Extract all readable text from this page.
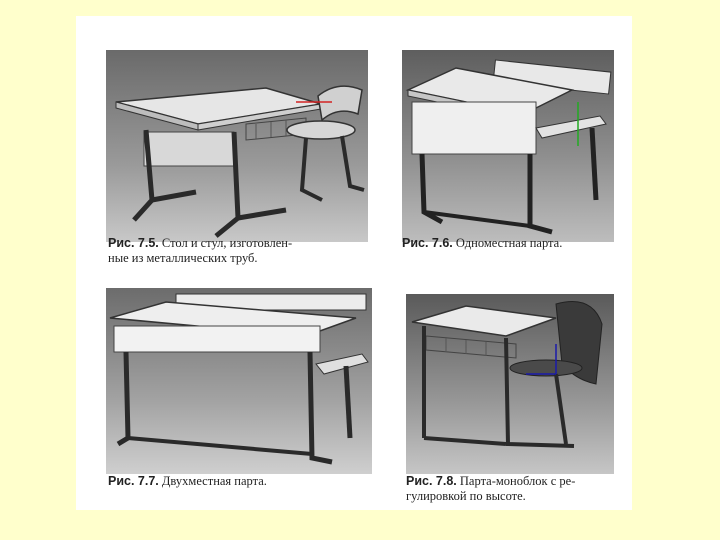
Рис. 7.5. Стол и стул, изготовлен-
ные из металлических труб.
Рис. 7.6. Одноместная парта.
Рис. 7.7. Двухместная парта.	Рис. 7.8. Парта-моноблок с ре-
гулировкой по высоте.
